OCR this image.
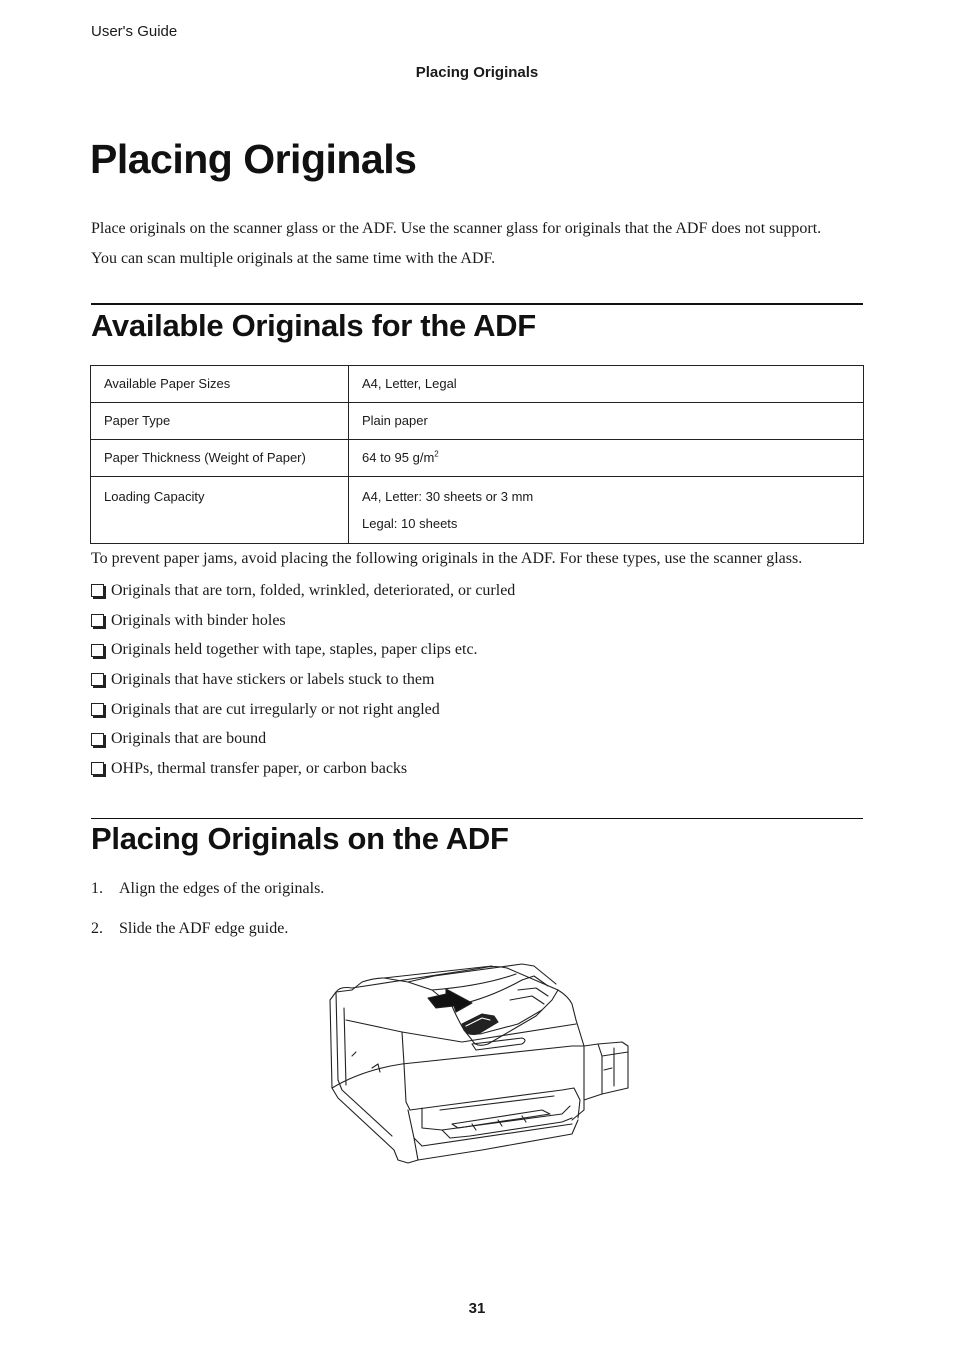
User's Guide
Placing Originals
Placing Originals

Place originals on the scanner glass or the ADF. Use the scanner glass for originals that the ADF does not support.

You can scan multiple originals at the same time with the ADF.

Available Originals for the ADF
Available Paper Sizes	A4, Letter, Legal
Paper Type	Plain paper
Paper Thickness (Weight of Paper)	64 to 95 $g/m^2$
Loading Capacity	A4, Letter: 30 sheets or 3 mm
Legal: 10 sheets
To prevent paper jams, avoid placing the following originals in the ADF. For these types, use the scanner glass.
Originals that are torn, folded, wrinkled, deteriorated, or curled
Originals with binder holes
Originals held together with tape, staples, paper clips etc.
Originals that have stickers or labels stuck to them
Originals that are cut irregularly or not right angled
Originals that are bound
OHPs, thermal transfer paper, or carbon backs
Placing Originals on the ADF
1. Align the edges of the originals.
2. Slide the ADF edge guide.
31
